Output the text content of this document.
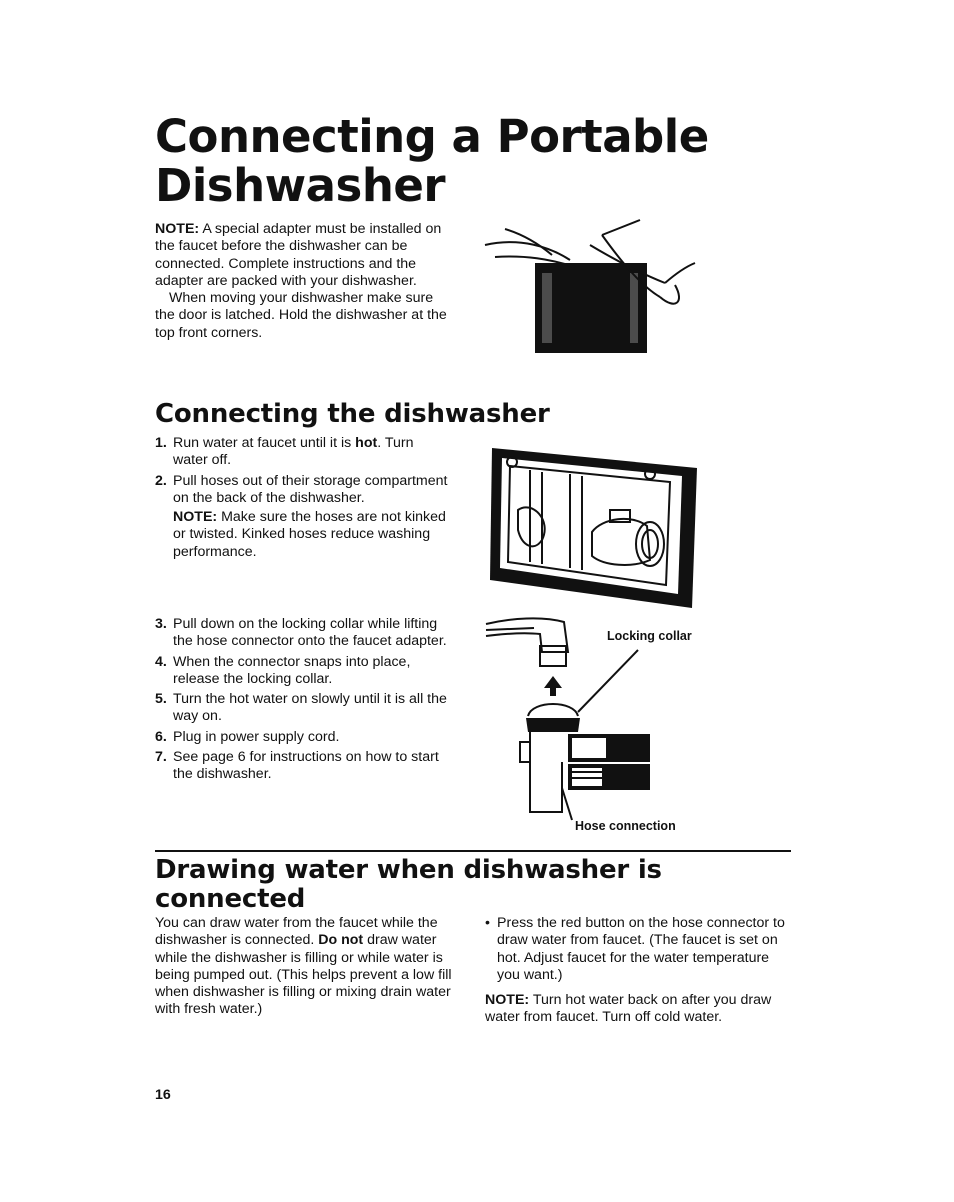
Connecting a Portable Dishwasher

NOTE: A special adapter must be installed on the faucet before the dishwasher can be connected. Complete instructions and the adapter are packed with your dishwasher.

When moving your dishwasher make sure the door is latched. Hold the dishwasher at the top front corners.

Connecting the dishwasher
1. Run water at faucet until it is hot. Turn water off.
2. Pull hoses out of their storage compartment on the back of the dishwasher.
NOTE: Make sure the hoses are not kinked or twisted. Kinked hoses reduce washing performance.
3. Pull down on the locking collar while lifting the hose connector onto the faucet adapter.
4. When the connector snaps into place, release the locking collar.
5. Turn the hot water on slowly until it is all the way on.
6. Plug in power supply cord.
7. See page 6 for instructions on how to start the dishwasher.
Locking collar
Hose connection
Drawing water when dishwasher is connected

You can draw water from the faucet while the dishwasher is connected. Do not draw water while the dishwasher is filling or while water is being pumped out. (This helps prevent a low fill when dishwasher is filling or mixing drain water with fresh water.)

• Press the red button on the hose connector to draw water from faucet. (The faucet is set on hot. Adjust faucet for the water temperature you want.)

NOTE: Turn hot water back on after you draw water from faucet. Turn off cold water.

16
